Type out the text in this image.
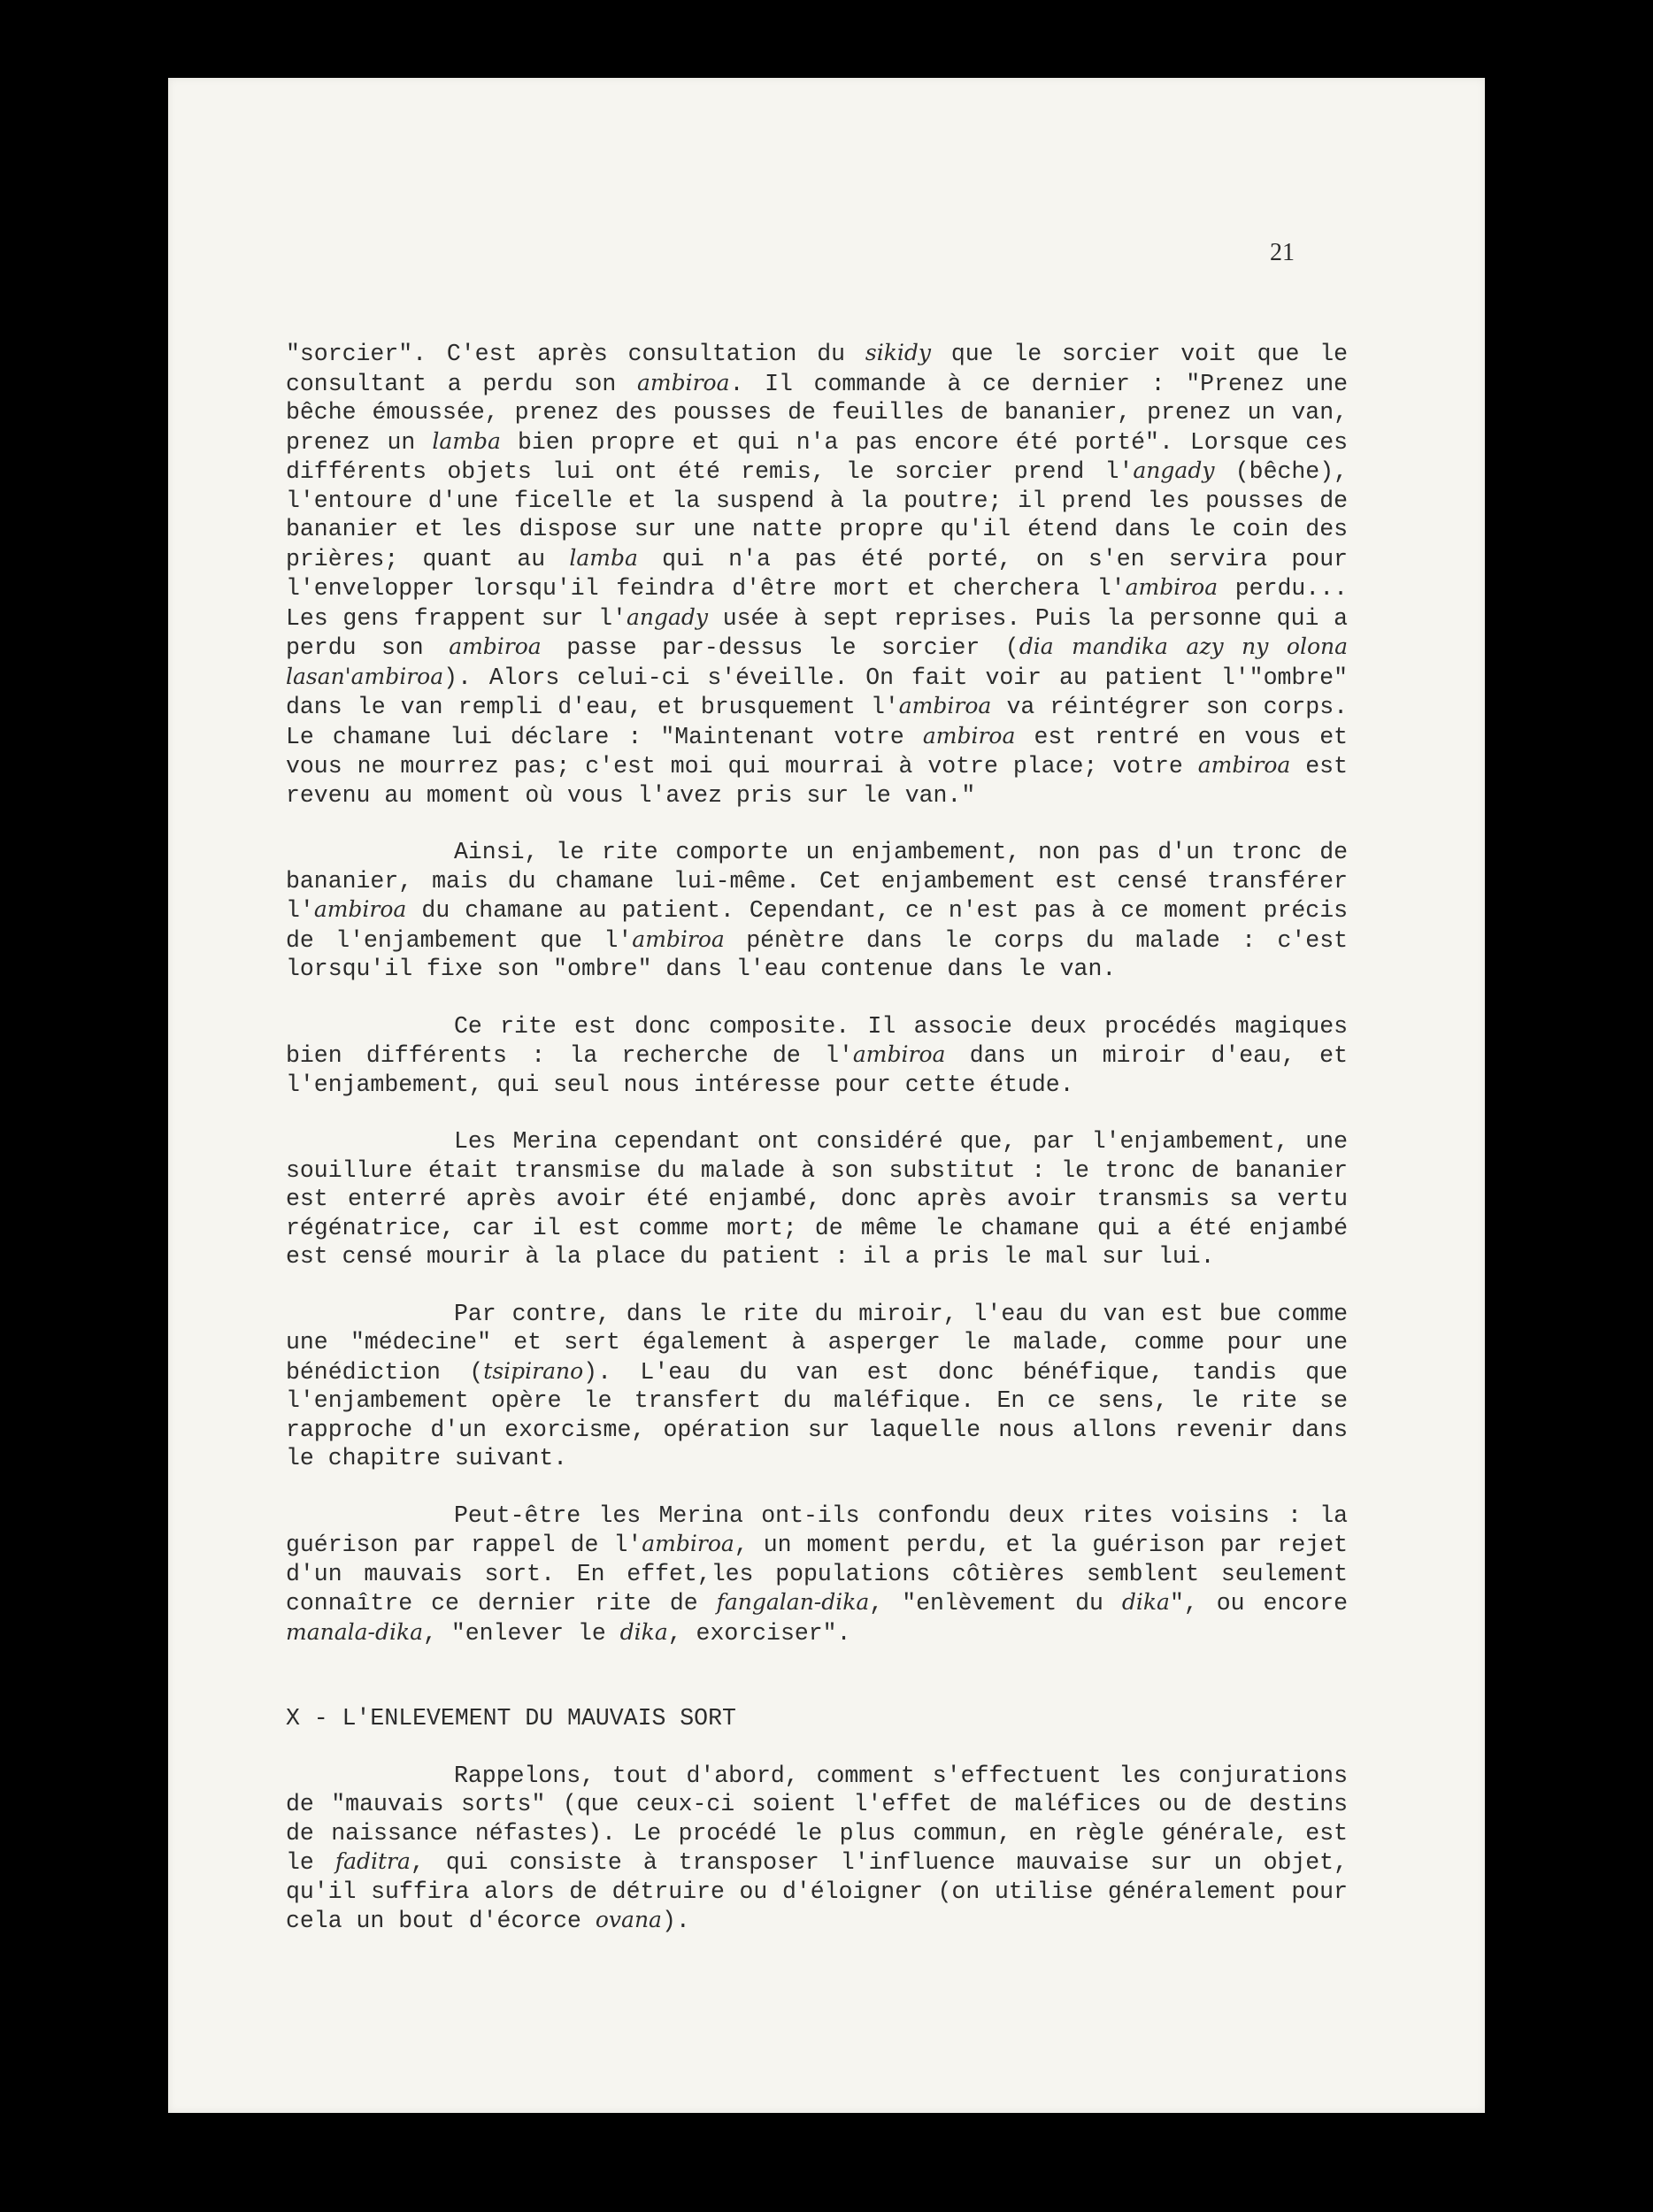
21

"sorcier". C'est après consultation du sikidy que le sorcier voit que le consultant a perdu son ambiroa. Il commande à ce dernier : "Prenez une bêche émoussée, prenez des pousses de feuilles de bananier, prenez un van, prenez un lamba bien propre et qui n'a pas encore été porté". Lorsque ces différents objets lui ont été remis, le sorcier prend l'angady (bêche), l'entoure d'une ficelle et la suspend à la poutre; il prend les pousses de bananier et les dispose sur une natte propre qu'il étend dans le coin des prières; quant au lamba qui n'a pas été porté, on s'en servira pour l'envelopper lorsqu'il feindra d'être mort et cherchera l'ambiroa perdu... Les gens frappent sur l'angady usée à sept reprises. Puis la personne qui a perdu son ambiroa passe par-dessus le sorcier (dia mandika azy ny olona lasan'ambiroa). Alors celui-ci s'éveille. On fait voir au patient l'"ombre" dans le van rempli d'eau, et brusquement l'ambiroa va réintégrer son corps. Le chamane lui déclare : "Maintenant votre ambiroa est rentré en vous et vous ne mourrez pas; c'est moi qui mourrai à votre place; votre ambiroa est revenu au moment où vous l'avez pris sur le van."

Ainsi, le rite comporte un enjambement, non pas d'un tronc de bananier, mais du chamane lui-même. Cet enjambement est censé transférer l'ambiroa du chamane au patient. Cependant, ce n'est pas à ce moment précis de l'enjambement que l'ambiroa pénètre dans le corps du malade : c'est lorsqu'il fixe son "ombre" dans l'eau contenue dans le van.

Ce rite est donc composite. Il associe deux procédés magiques bien différents : la recherche de l'ambiroa dans un miroir d'eau, et l'enjambement, qui seul nous intéresse pour cette étude.

Les Merina cependant ont considéré que, par l'enjambement, une souillure était transmise du malade à son substitut : le tronc de bananier est enterré après avoir été enjambé, donc après avoir transmis sa vertu régénatrice, car il est comme mort; de même le chamane qui a été enjambé est censé mourir à la place du patient : il a pris le mal sur lui.

Par contre, dans le rite du miroir, l'eau du van est bue comme une "médecine" et sert également à asperger le malade, comme pour une bénédiction (tsipirano). L'eau du van est donc bénéfique, tandis que l'enjambement opère le transfert du maléfique. En ce sens, le rite se rapproche d'un exorcisme, opération sur laquelle nous allons revenir dans le chapitre suivant.

Peut-être les Merina ont-ils confondu deux rites voisins : la guérison par rappel de l'ambiroa, un moment perdu, et la guérison par rejet d'un mauvais sort. En effet,les populations côtières semblent seulement connaître ce dernier rite de fangalan-dika, "enlèvement du dika", ou encore manala-dika, "enlever le dika, exorciser".

X - L'ENLEVEMENT DU MAUVAIS SORT

Rappelons, tout d'abord, comment s'effectuent les conjurations de "mauvais sorts" (que ceux-ci soient l'effet de maléfices ou de destins de naissance néfastes). Le procédé le plus commun, en règle générale, est le faditra, qui consiste à transposer l'influence mauvaise sur un objet, qu'il suffira alors de détruire ou d'éloigner (on utilise généralement pour cela un bout d'écorce ovana).
